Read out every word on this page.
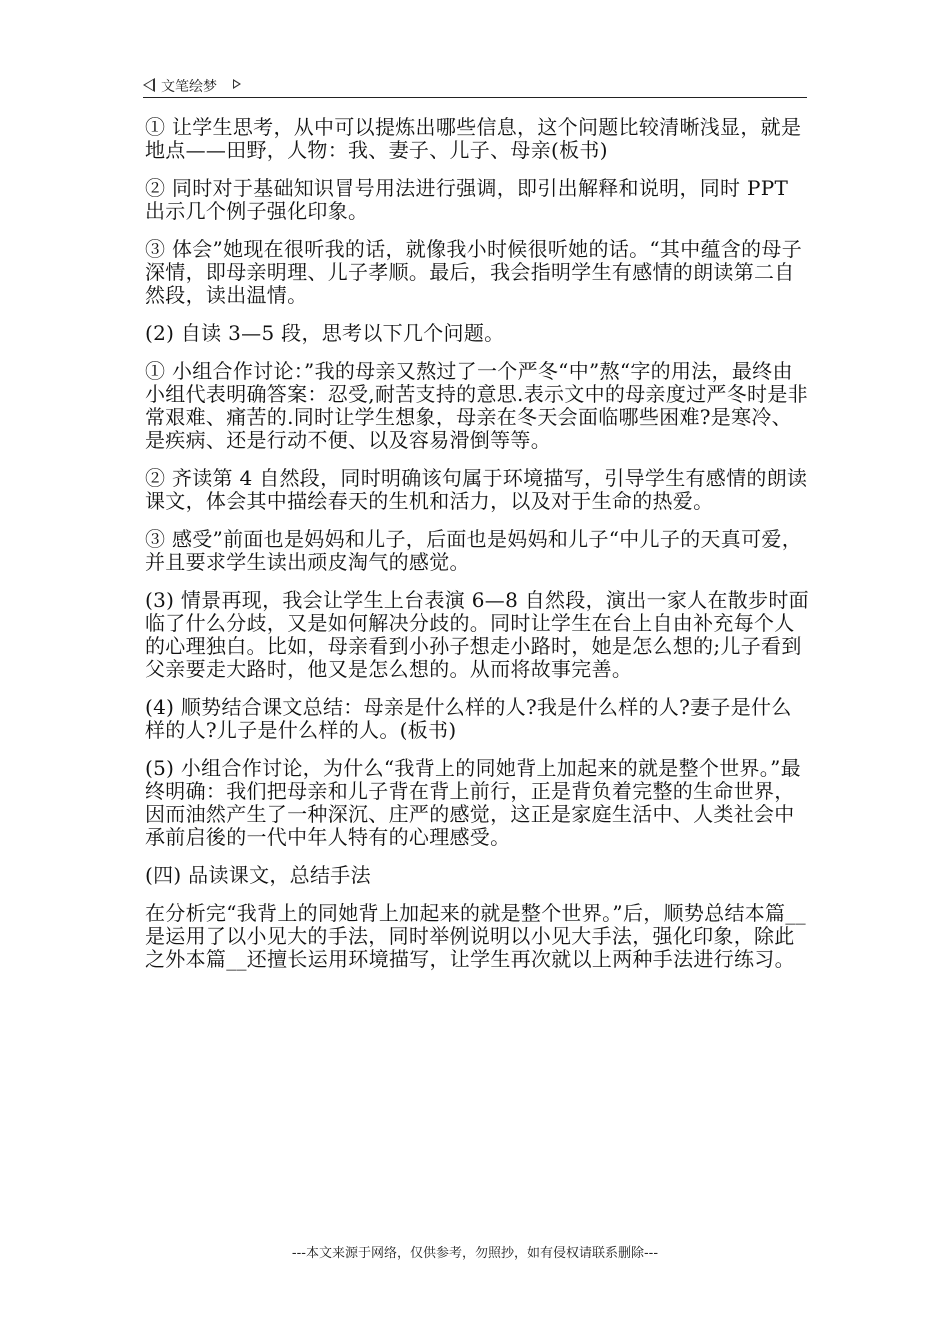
文笔绘梦

① 让学生思考，从中可以提炼出哪些信息，这个问题比较清晰浅显，就是地点——田野，人物：我、妻子、儿子、母亲(板书)

② 同时对于基础知识冒号用法进行强调，即引出解释和说明，同时 PPT 出示几个例子强化印象。

③ 体会”她现在很听我的话，就像我小时候很听她的话。“其中蕴含的母子深情，即母亲明理、儿子孝顺。最后，我会指明学生有感情的朗读第二自然段，读出温情。

(2) 自读 3—5 段，思考以下几个问题。

① 小组合作讨论：”我的母亲又熬过了一个严冬“中”熬“字的用法，最终由小组代表明确答案：忍受,耐苦支持的意思.表示文中的母亲度过严冬时是非常艰难、痛苦的.同时让学生想象，母亲在冬天会面临哪些困难?是寒冷、是疾病、还是行动不便、以及容易滑倒等等。

② 齐读第 4 自然段，同时明确该句属于环境描写，引导学生有感情的朗读课文，体会其中描绘春天的生机和活力，以及对于生命的热爱。

③ 感受”前面也是妈妈和儿子，后面也是妈妈和儿子“中儿子的天真可爱，并且要求学生读出顽皮淘气的感觉。

(3) 情景再现，我会让学生上台表演 6—8 自然段，演出一家人在散步时面临了什么分歧，又是如何解决分歧的。同时让学生在台上自由补充每个人的心理独白。比如，母亲看到小孙子想走小路时，她是怎么想的;儿子看到父亲要走大路时，他又是怎么想的。从而将故事完善。

(4) 顺势结合课文总结：母亲是什么样的人?我是什么样的人?妻子是什么样的人?儿子是什么样的人。(板书)

(5) 小组合作讨论，为什么“我背上的同她背上加起来的就是整个世界。”最终明确：我们把母亲和儿子背在背上前行，正是背负着完整的生命世界，因而油然产生了一种深沉、庄严的感觉，这正是家庭生活中、人类社会中承前启後的一代中年人特有的心理感受。

(四) 品读课文，总结手法

在分析完“我背上的同她背上加起来的就是整个世界。”后，顺势总结本篇__是运用了以小见大的手法，同时举例说明以小见大手法，强化印象，除此之外本篇__还擅长运用环境描写，让学生再次就以上两种手法进行练习。

---本文来源于网络，仅供参考，勿照抄，如有侵权请联系删除---
